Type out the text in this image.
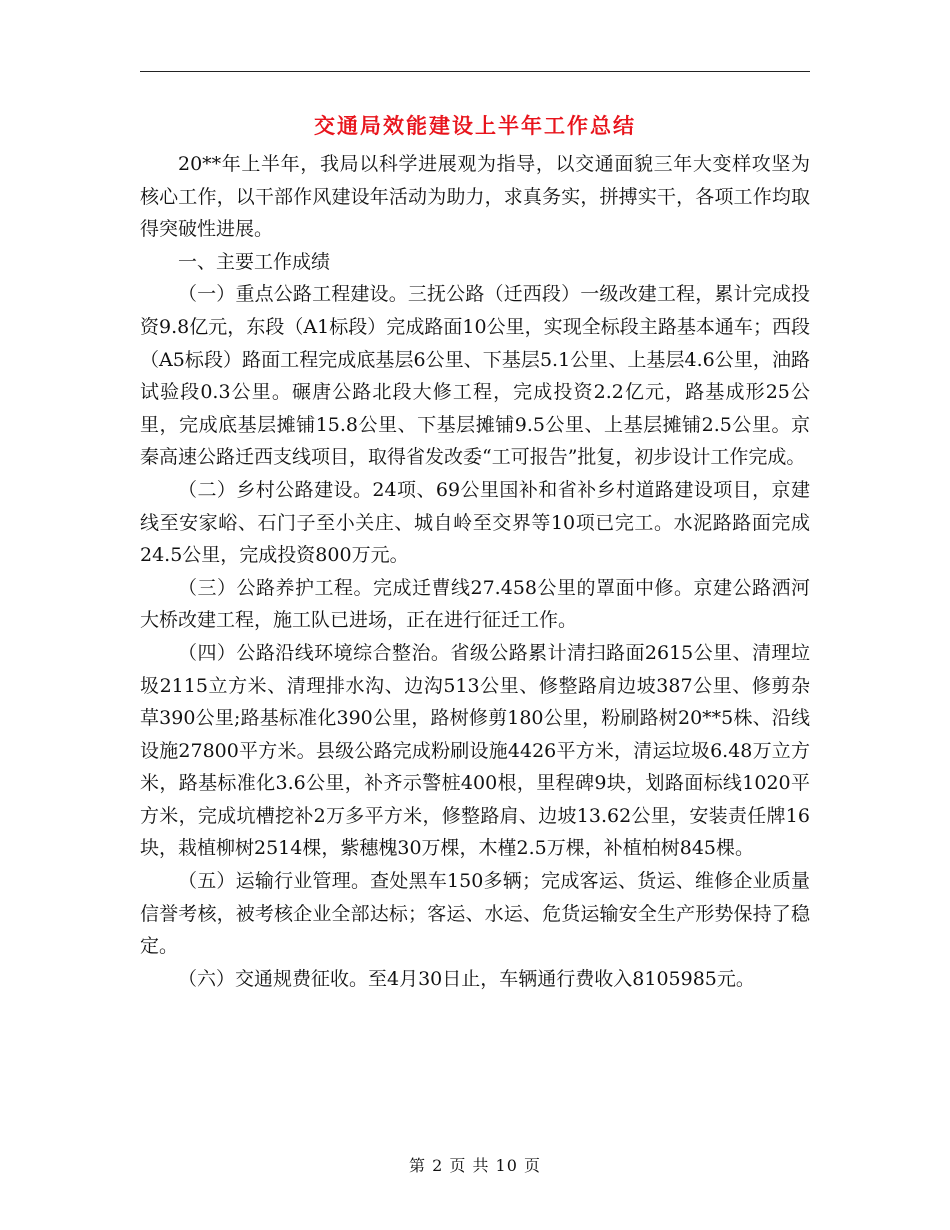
交通局效能建设上半年工作总结

20**年上半年，我局以科学进展观为指导，以交通面貌三年大变样攻坚为核心工作，以干部作风建设年活动为助力，求真务实，拼搏实干，各项工作均取得突破性进展。

一、主要工作成绩

（一）重点公路工程建设。三抚公路（迁西段）一级改建工程，累计完成投资9.8亿元，东段（A1标段）完成路面10公里，实现全标段主路基本通车；西段（A5标段）路面工程完成底基层6公里、下基层5.1公里、上基层4.6公里，油路试验段0.3公里。碾唐公路北段大修工程，完成投资2.2亿元，路基成形25公里，完成底基层摊铺15.8公里、下基层摊铺9.5公里、上基层摊铺2.5公里。京秦高速公路迁西支线项目，取得省发改委“工可报告”批复，初步设计工作完成。

（二）乡村公路建设。24项、69公里国补和省补乡村道路建设项目，京建线至安家峪、石门子至小关庄、城自岭至交界等10项已完工。水泥路路面完成24.5公里，完成投资800万元。

（三）公路养护工程。完成迁曹线27.458公里的罩面中修。京建公路洒河大桥改建工程，施工队已进场，正在进行征迁工作。

（四）公路沿线环境综合整治。省级公路累计清扫路面2615公里、清理垃圾2115立方米、清理排水沟、边沟513公里、修整路肩边坡387公里、修剪杂草390公里;路基标准化390公里，路树修剪180公里，粉刷路树20**5株、沿线设施27800平方米。县级公路完成粉刷设施4426平方米，清运垃圾6.48万立方米，路基标准化3.6公里，补齐示警桩400根，里程碑9块，划路面标线1020平方米，完成坑槽挖补2万多平方米，修整路肩、边坡13.62公里，安装责任牌16块，栽植柳树2514棵，紫穗槐30万棵，木槿2.5万棵，补植柏树845棵。

（五）运输行业管理。查处黑车150多辆；完成客运、货运、维修企业质量信誉考核，被考核企业全部达标；客运、水运、危货运输安全生产形势保持了稳定。

（六）交通规费征收。至4月30日止，车辆通行费收入8105985元。

第 2 页 共 10 页
